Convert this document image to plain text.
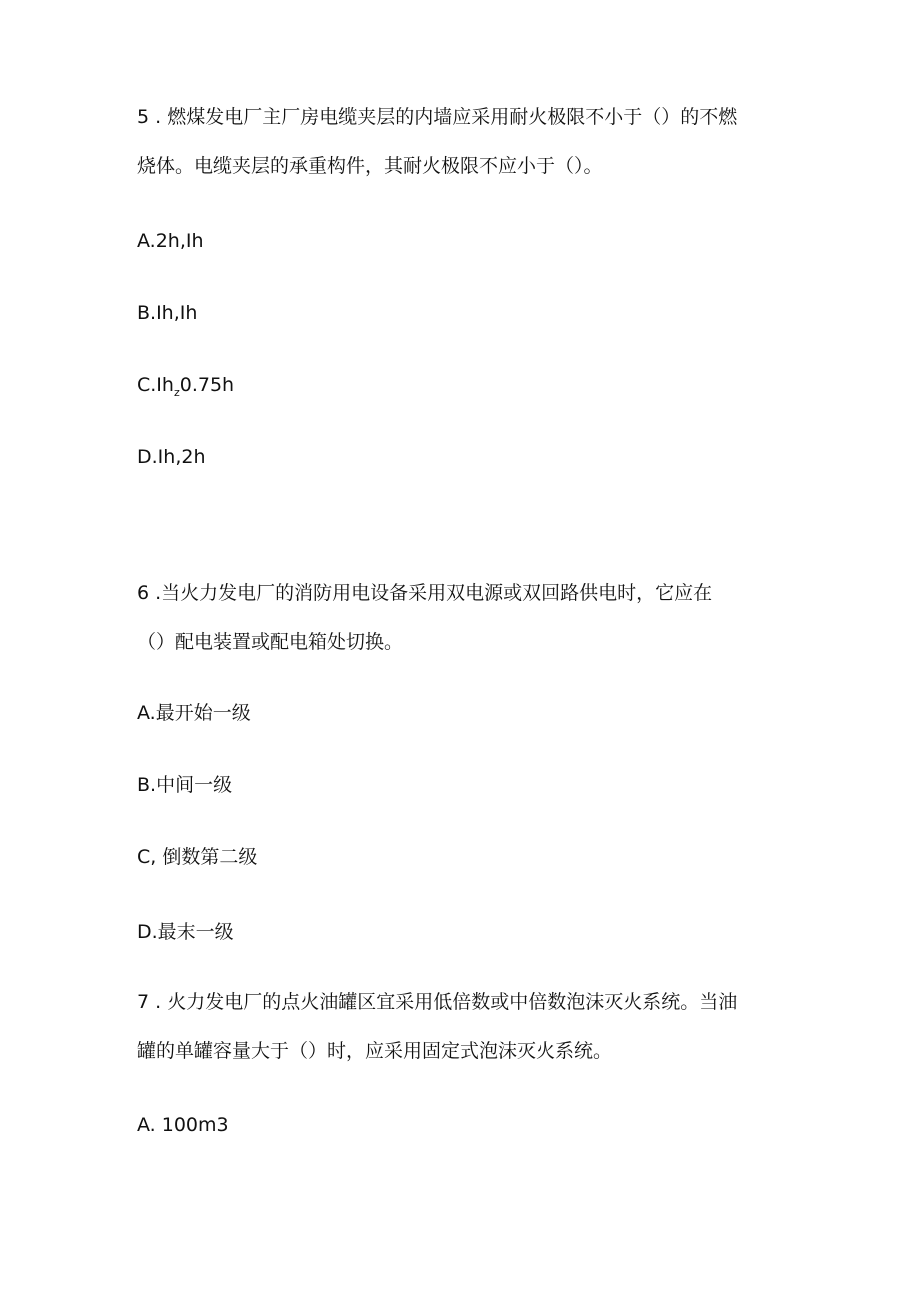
5 . 燃煤发电厂主厂房电缆夹层的内墙应采用耐火极限不小于（）的不燃

烧体。电缆夹层的承重构件，其耐火极限不应小于（）。

A.2h,Ih

B.Ih,Ih

$C.Ih_z0.75h$

D.Ih,2h

6 .当火力发电厂的消防用电设备采用双电源或双回路供电时，它应在

（）配电装置或配电箱处切换。

A.最开始一级

B.中间一级

C, 倒数第二级

D.最末一级

7 . 火力发电厂的点火油罐区宜采用低倍数或中倍数泡沫灭火系统。当油

罐的单罐容量大于（）时，应采用固定式泡沫灭火系统。

A. 100m3
